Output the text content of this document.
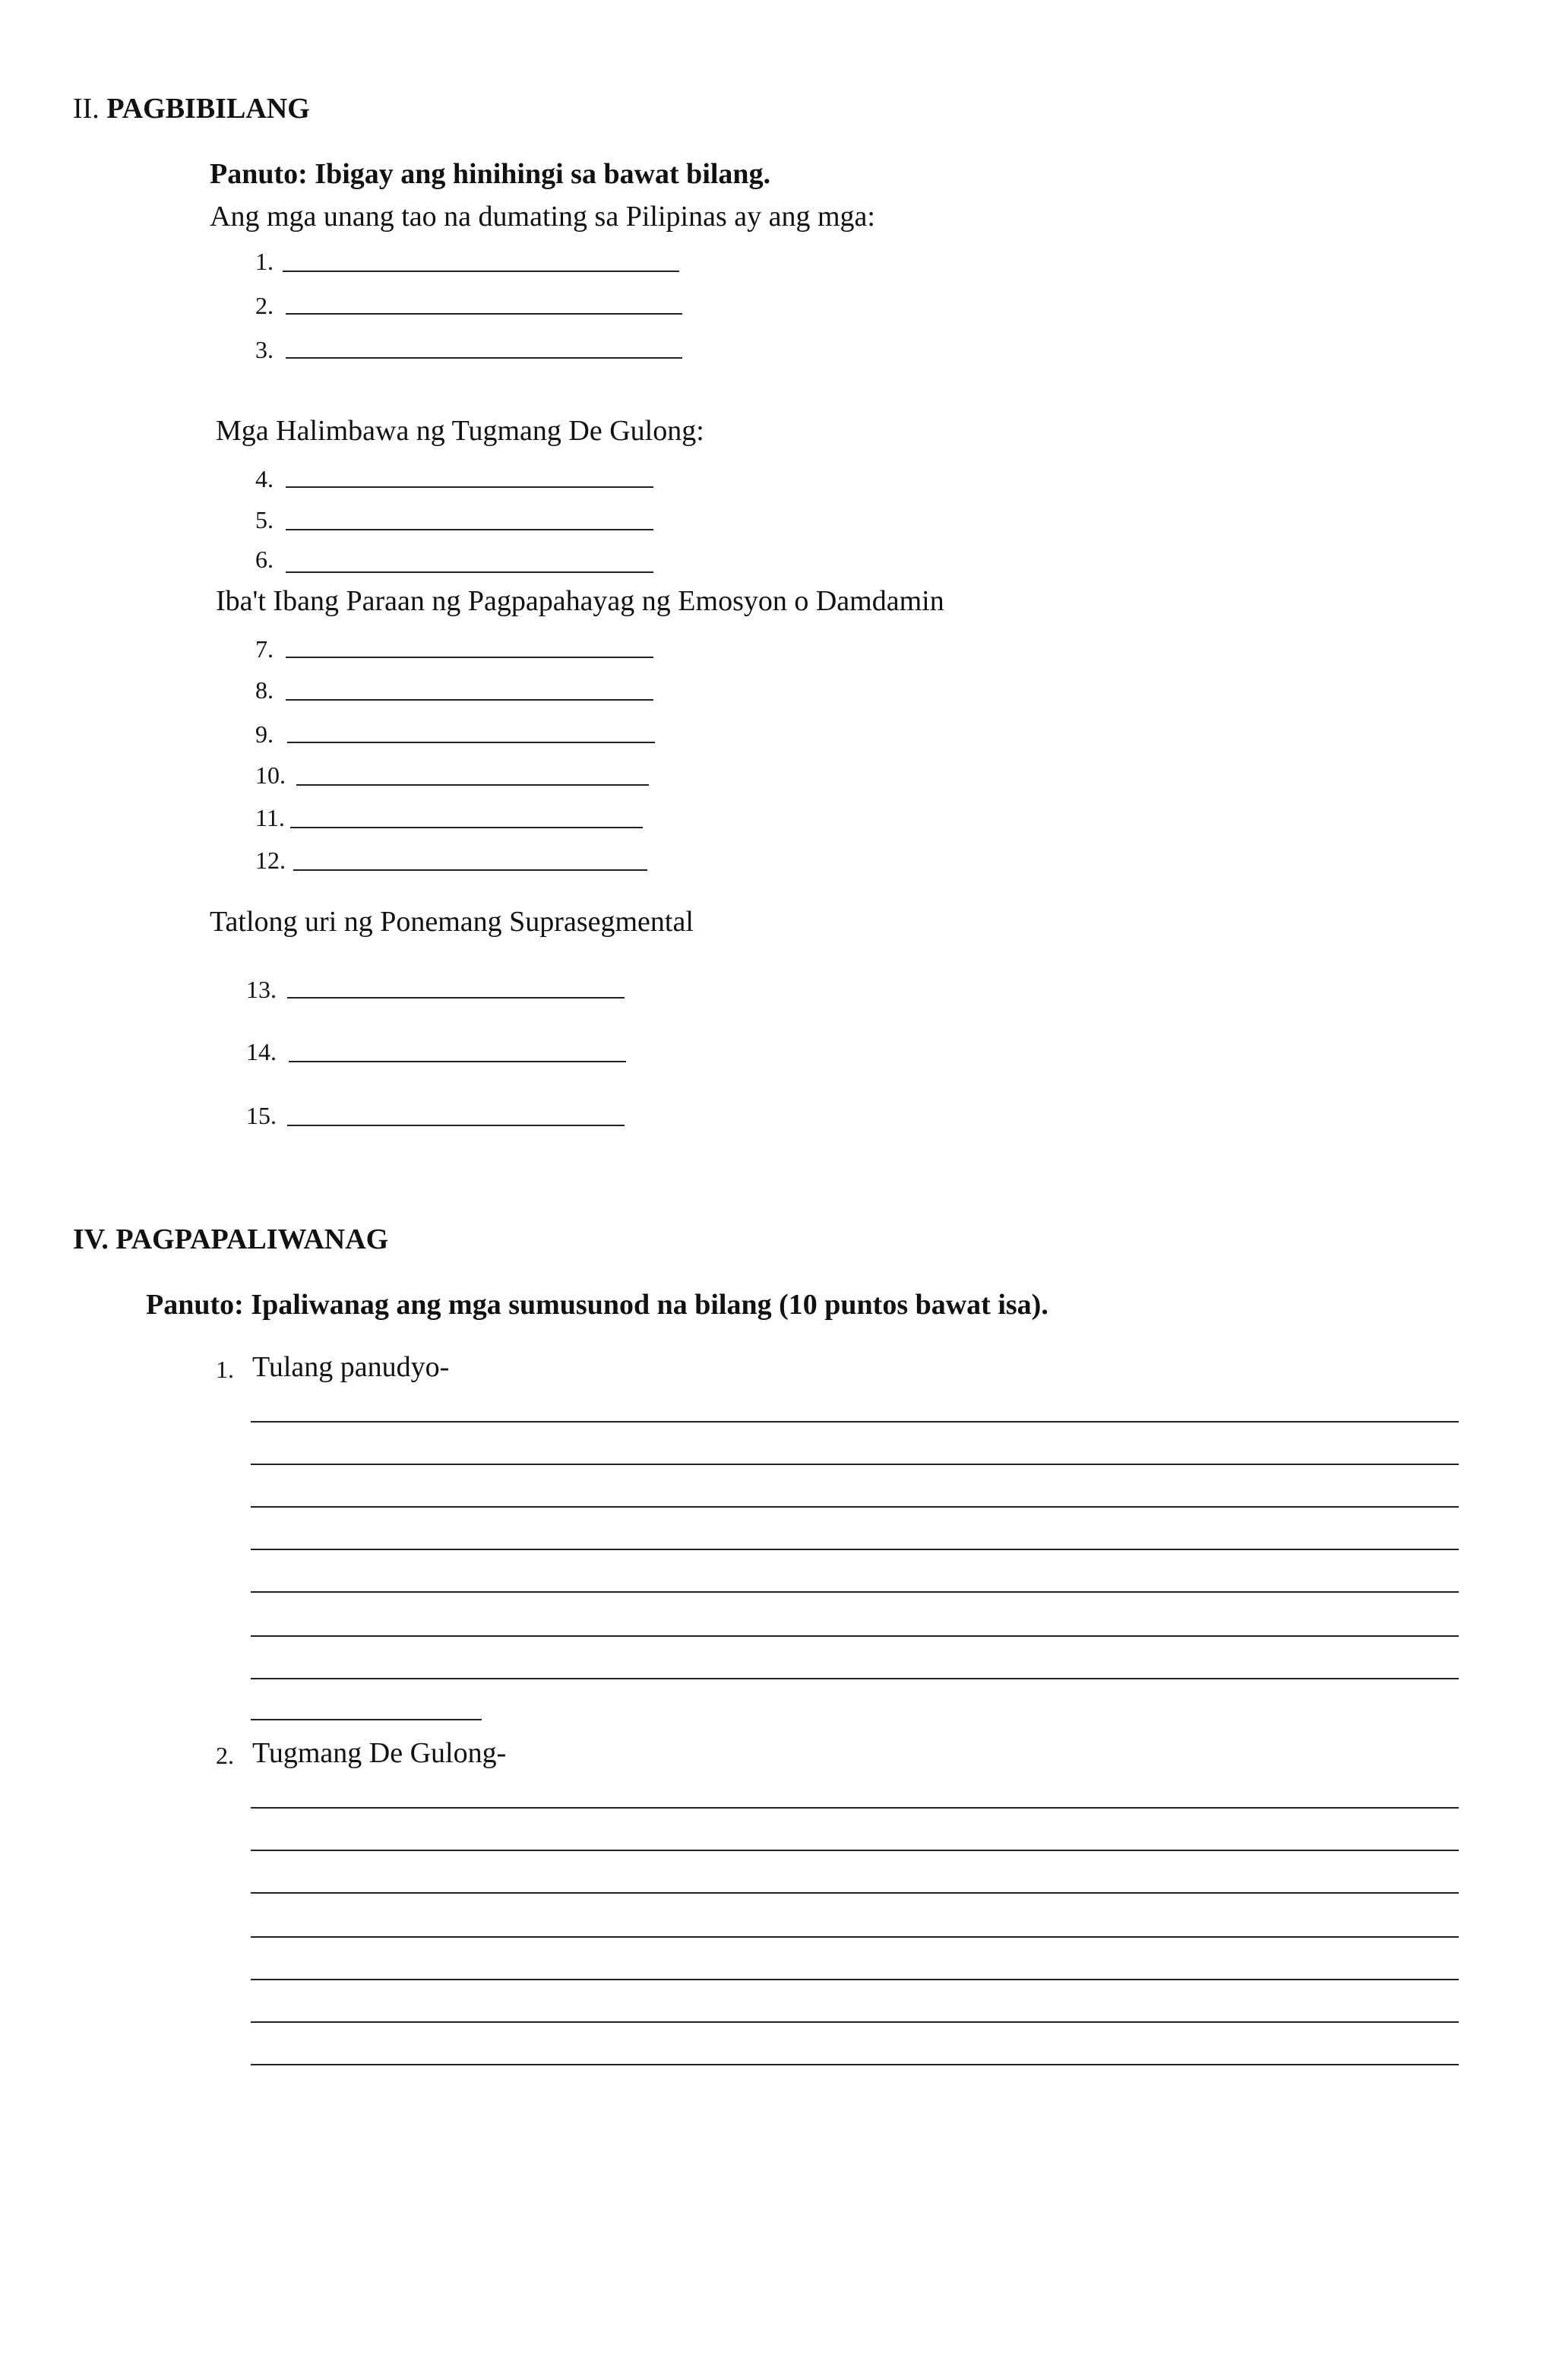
II. PAGBIBILANG
Panuto: Ibigay ang hinihingi sa bawat bilang.
Ang mga unang tao na dumating sa Pilipinas ay ang mga:
1.
2.
3.
Mga Halimbawa ng Tugmang De Gulong:
4.
5.
6.
Iba't Ibang Paraan ng Pagpapahayag ng Emosyon o Damdamin
7.
8.
9.
10.
11.
12.
Tatlong uri ng Ponemang Suprasegmental
13.
14.
15.
IV. PAGPAPALIWANAG
Panuto: Ipaliwanag ang mga sumusunod na bilang (10 puntos bawat isa).
1. Tulang panudyo-
2. Tugmang De Gulong-
